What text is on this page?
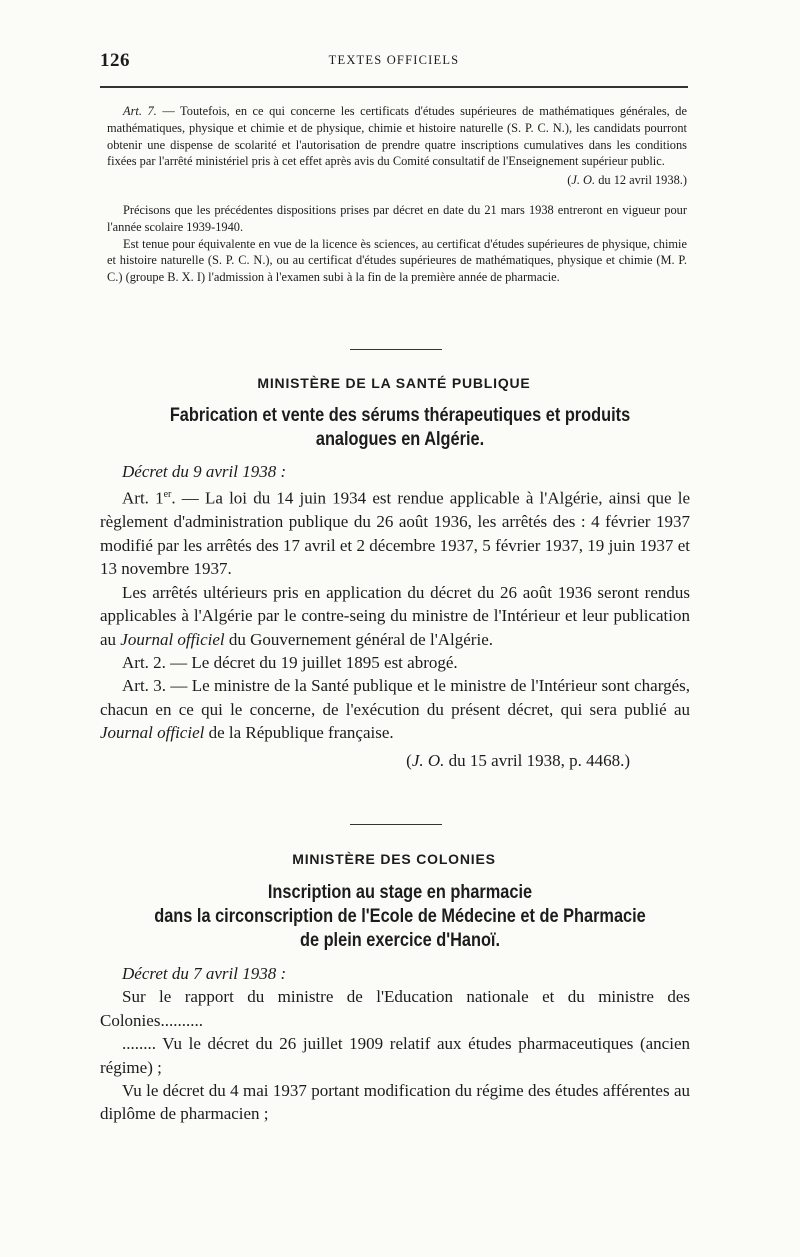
126	TEXTES OFFICIELS

Art. 7. — Toutefois, en ce qui concerne les certificats d'études supérieures de mathématiques générales, de mathématiques, physique et chimie et de physique, chimie et histoire naturelle (S. P. C. N.), les candidats pourront obtenir une dispense de scolarité et l'autorisation de prendre quatre inscriptions cumulatives dans les conditions fixées par l'arrêté ministériel pris à cet effet après avis du Comité consultatif de l'Enseignement supérieur public.

(J. O. du 12 avril 1938.)

Précisons que les précédentes dispositions prises par décret en date du 21 mars 1938 entreront en vigueur pour l'année scolaire 1939-1940.

Est tenue pour équivalente en vue de la licence ès sciences, au certificat d'études supérieures de physique, chimie et histoire naturelle (S. P. C. N.), ou au certificat d'études supérieures de mathématiques, physique et chimie (M. P. C.) (groupe B. X. I) l'admission à l'examen subi à la fin de la première année de pharmacie.

MINISTÈRE DE LA SANTÉ PUBLIQUE
Fabrication et vente des sérums thérapeutiques et produits
analogues en Algérie.

Décret du 9 avril 1938 :

Art. 1er. — La loi du 14 juin 1934 est rendue applicable à l'Algérie, ainsi que le règlement d'administration publique du 26 août 1936, les arrêtés des : 4 février 1937 modifié par les arrêtés des 17 avril et 2 décembre 1937, 5 février 1937, 19 juin 1937 et 13 novembre 1937.

Les arrêtés ultérieurs pris en application du décret du 26 août 1936 seront rendus applicables à l'Algérie par le contre-seing du ministre de l'Intérieur et leur publication au Journal officiel du Gouvernement général de l'Algérie.

Art. 2. — Le décret du 19 juillet 1895 est abrogé.

Art. 3. — Le ministre de la Santé publique et le ministre de l'Intérieur sont chargés, chacun en ce qui le concerne, de l'exécution du présent décret, qui sera publié au Journal officiel de la République française.

(J. O. du 15 avril 1938, p. 4468.)

MINISTÈRE DES COLONIES
Inscription au stage en pharmacie
dans la circonscription de l'Ecole de Médecine et de Pharmacie
de plein exercice d'Hanoï.

Décret du 7 avril 1938 :

Sur le rapport du ministre de l'Education nationale et du ministre des Colonies..........

........ Vu le décret du 26 juillet 1909 relatif aux études pharmaceutiques (ancien régime) ;

Vu le décret du 4 mai 1937 portant modification du régime des études afférentes au diplôme de pharmacien ;
